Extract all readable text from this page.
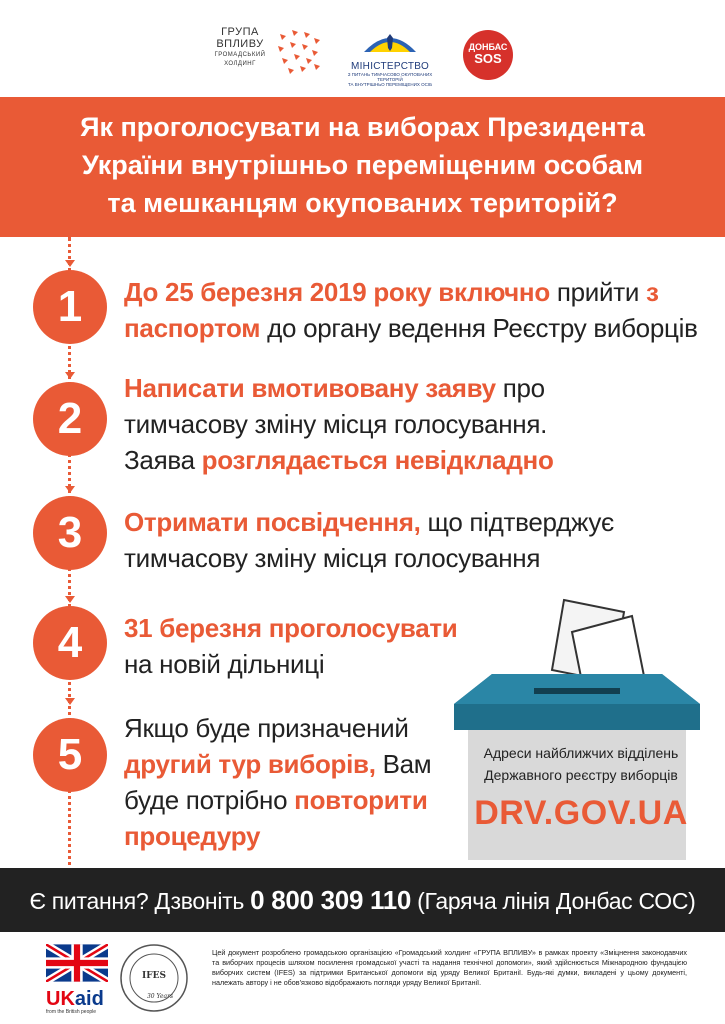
ГРУПА
ВПЛИВУ
ГРОМАДСЬКИЙ
ХОЛДИНГ	МІНІСТЕРСТВО
З ПИТАНЬ ТИМЧАСОВО ОКУПОВАНИХ ТЕРИТОРІЙ
ТА ВНУТРІШНЬО ПЕРЕМІЩЕНИХ ОСІБ
ДОНБАС
SOS
Як проголосувати на виборах Президента
України внутрішньо переміщеним особам
та мешканцям окупованих територій?
1	До 25 березня 2019 року включно прийти з
паспортом до органу ведення Реєстру виборців
2
Написати вмотивовану заяву про
тимчасову зміну місця голосування.
Заява розглядається невідкладно
3	Отримати посвідчення, що підтверджує
тимчасову зміну місця голосування
4	31 березня проголосувати
на новій дільниці
5
Якщо буде призначений
другий тур виборів, Вам
буде потрібно повторити
процедуру
Адреси найближчих відділень
Державного реєстру виборців
DRV.GOV.UA
Є питання? Дзвоніть 0 800 309 110 (Гаряча лінія Донбас СОС)
UKaid
from the British people
IFES
30 Years
Цей документ розроблено громадською організацією «Громадський холдинг «ГРУПА ВПЛИВУ» в рамках проекту «Зміцнення законодавчих та виборчих процесів шляхом посилення громадської участі та надання технічної допомоги», який здійснюється Міжнародною фундацією виборчих систем (IFES) за підтримки Британської допомоги від уряду Великої Британії. Будь-які думки, викладені у цьому документі, належать автору і не обов'язково відображають погляди уряду Великої Британії.
